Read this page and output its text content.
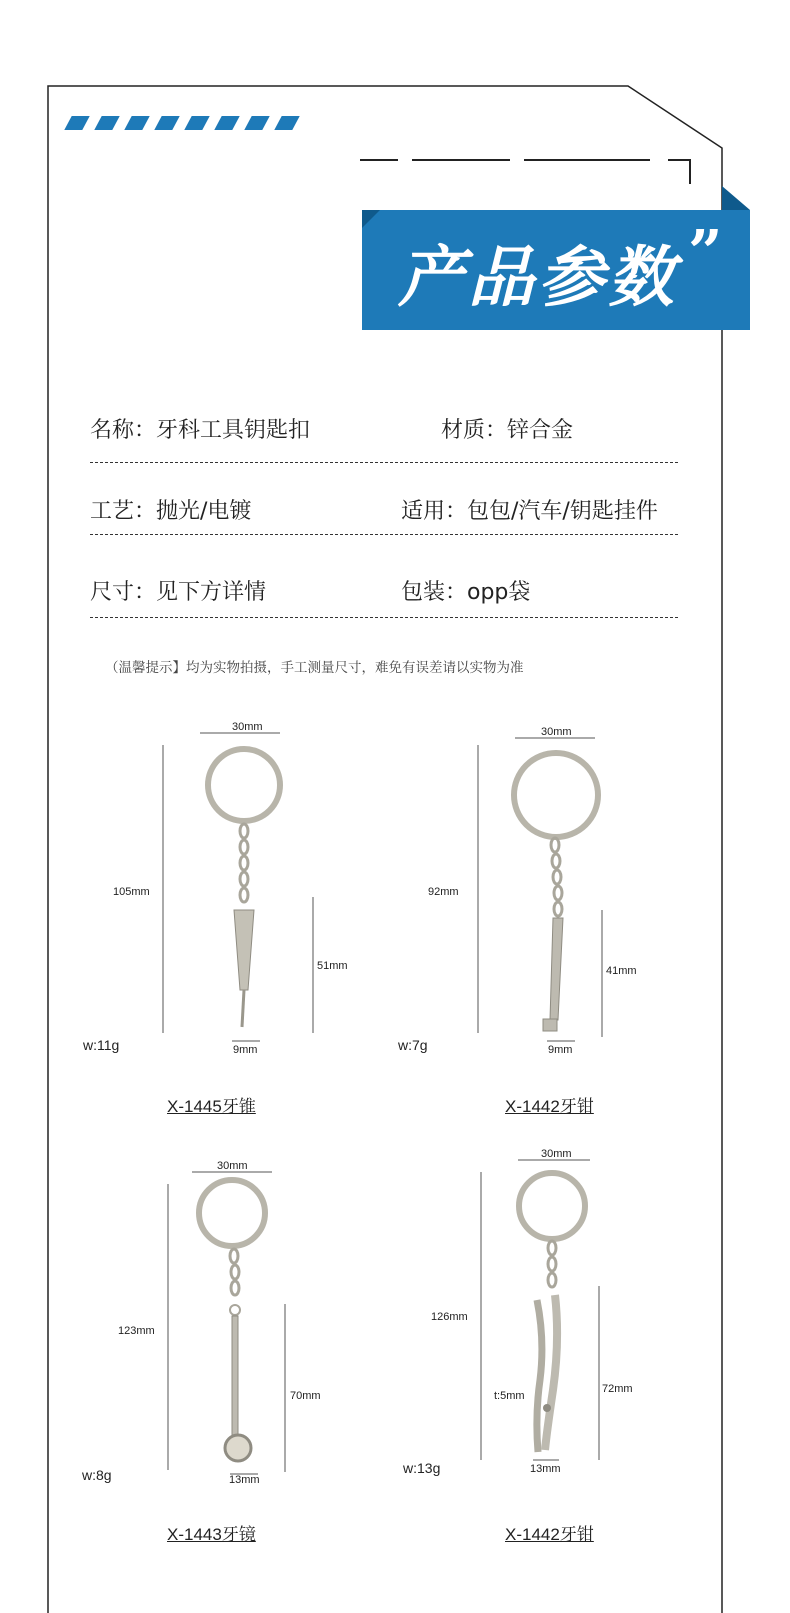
产品参数 ”
名称：牙科工具钥匙扣	材质：锌合金
工艺：抛光/电镀	适用：包包/汽车/钥匙挂件
尺寸：见下方详情	包装：opp袋
（温馨提示】均为实物拍摄，手工测量尺寸，难免有误差请以实物为准
30mm
105mm
51mm
9mm
w:11g
X-1445牙锥
30mm
92mm
41mm
9mm
w:7g
X-1442牙钳
30mm
123mm
70mm
13mm
w:8g
X-1443牙镜
30mm
126mm
72mm
t:5mm
13mm
w:13g
X-1442牙钳
